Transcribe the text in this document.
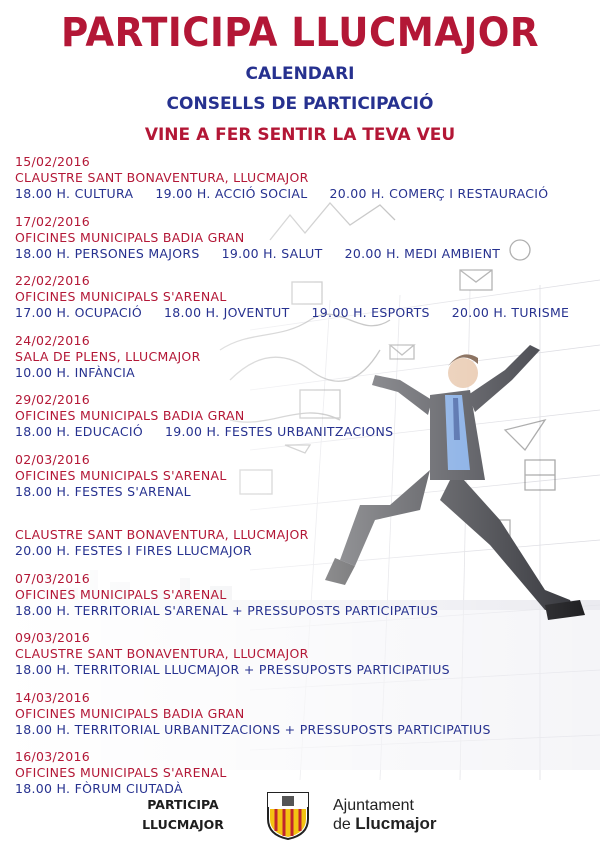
PARTICIPA LLUCMAJOR
CALENDARI
CONSELLS DE PARTICIPACIÓ
VINE A FER SENTIR LA TEVA VEU
15/02/2016
CLAUSTRE SANT BONAVENTURA, LLUCMAJOR
18.00 H. CULTURA 19.00 H. ACCIÓ SOCIAL 20.00 H. COMERÇ I RESTAURACIÓ
17/02/2016
OFICINES MUNICIPALS BADIA GRAN
18.00 H. PERSONES MAJORS 19.00 H. SALUT 20.00 H. MEDI AMBIENT
22/02/2016
OFICINES MUNICIPALS S'ARENAL
17.00 H. OCUPACIÓ 18.00 H. JOVENTUT 19.00 H. ESPORTS 20.00 H. TURISME
24/02/2016
SALA DE PLENS, LLUCMAJOR
10.00 H. INFÀNCIA
29/02/2016
OFICINES MUNICIPALS BADIA GRAN
18.00 H. EDUCACIÓ 19.00 H. FESTES URBANITZACIONS
02/03/2016
OFICINES MUNICIPALS S'ARENAL
18.00 H. FESTES S'ARENAL

CLAUSTRE SANT BONAVENTURA, LLUCMAJOR
20.00 H. FESTES I FIRES LLUCMAJOR
07/03/2016
OFICINES MUNICIPALS S'ARENAL
18.00 H. TERRITORIAL S'ARENAL + PRESSUPOSTS PARTICIPATIUS
09/03/2016
CLAUSTRE SANT BONAVENTURA, LLUCMAJOR
18.00 H. TERRITORIAL LLUCMAJOR + PRESSUPOSTS PARTICIPATIUS
14/03/2016
OFICINES MUNICIPALS BADIA GRAN
18.00 H. TERRITORIAL URBANITZACIONS + PRESSUPOSTS PARTICIPATIUS
16/03/2016
OFICINES MUNICIPALS S'ARENAL
18.00 H. FÒRUM CIUTADÀ
PARTICIPA
LLUCMAJOR
Ajuntament
de Llucmajor
